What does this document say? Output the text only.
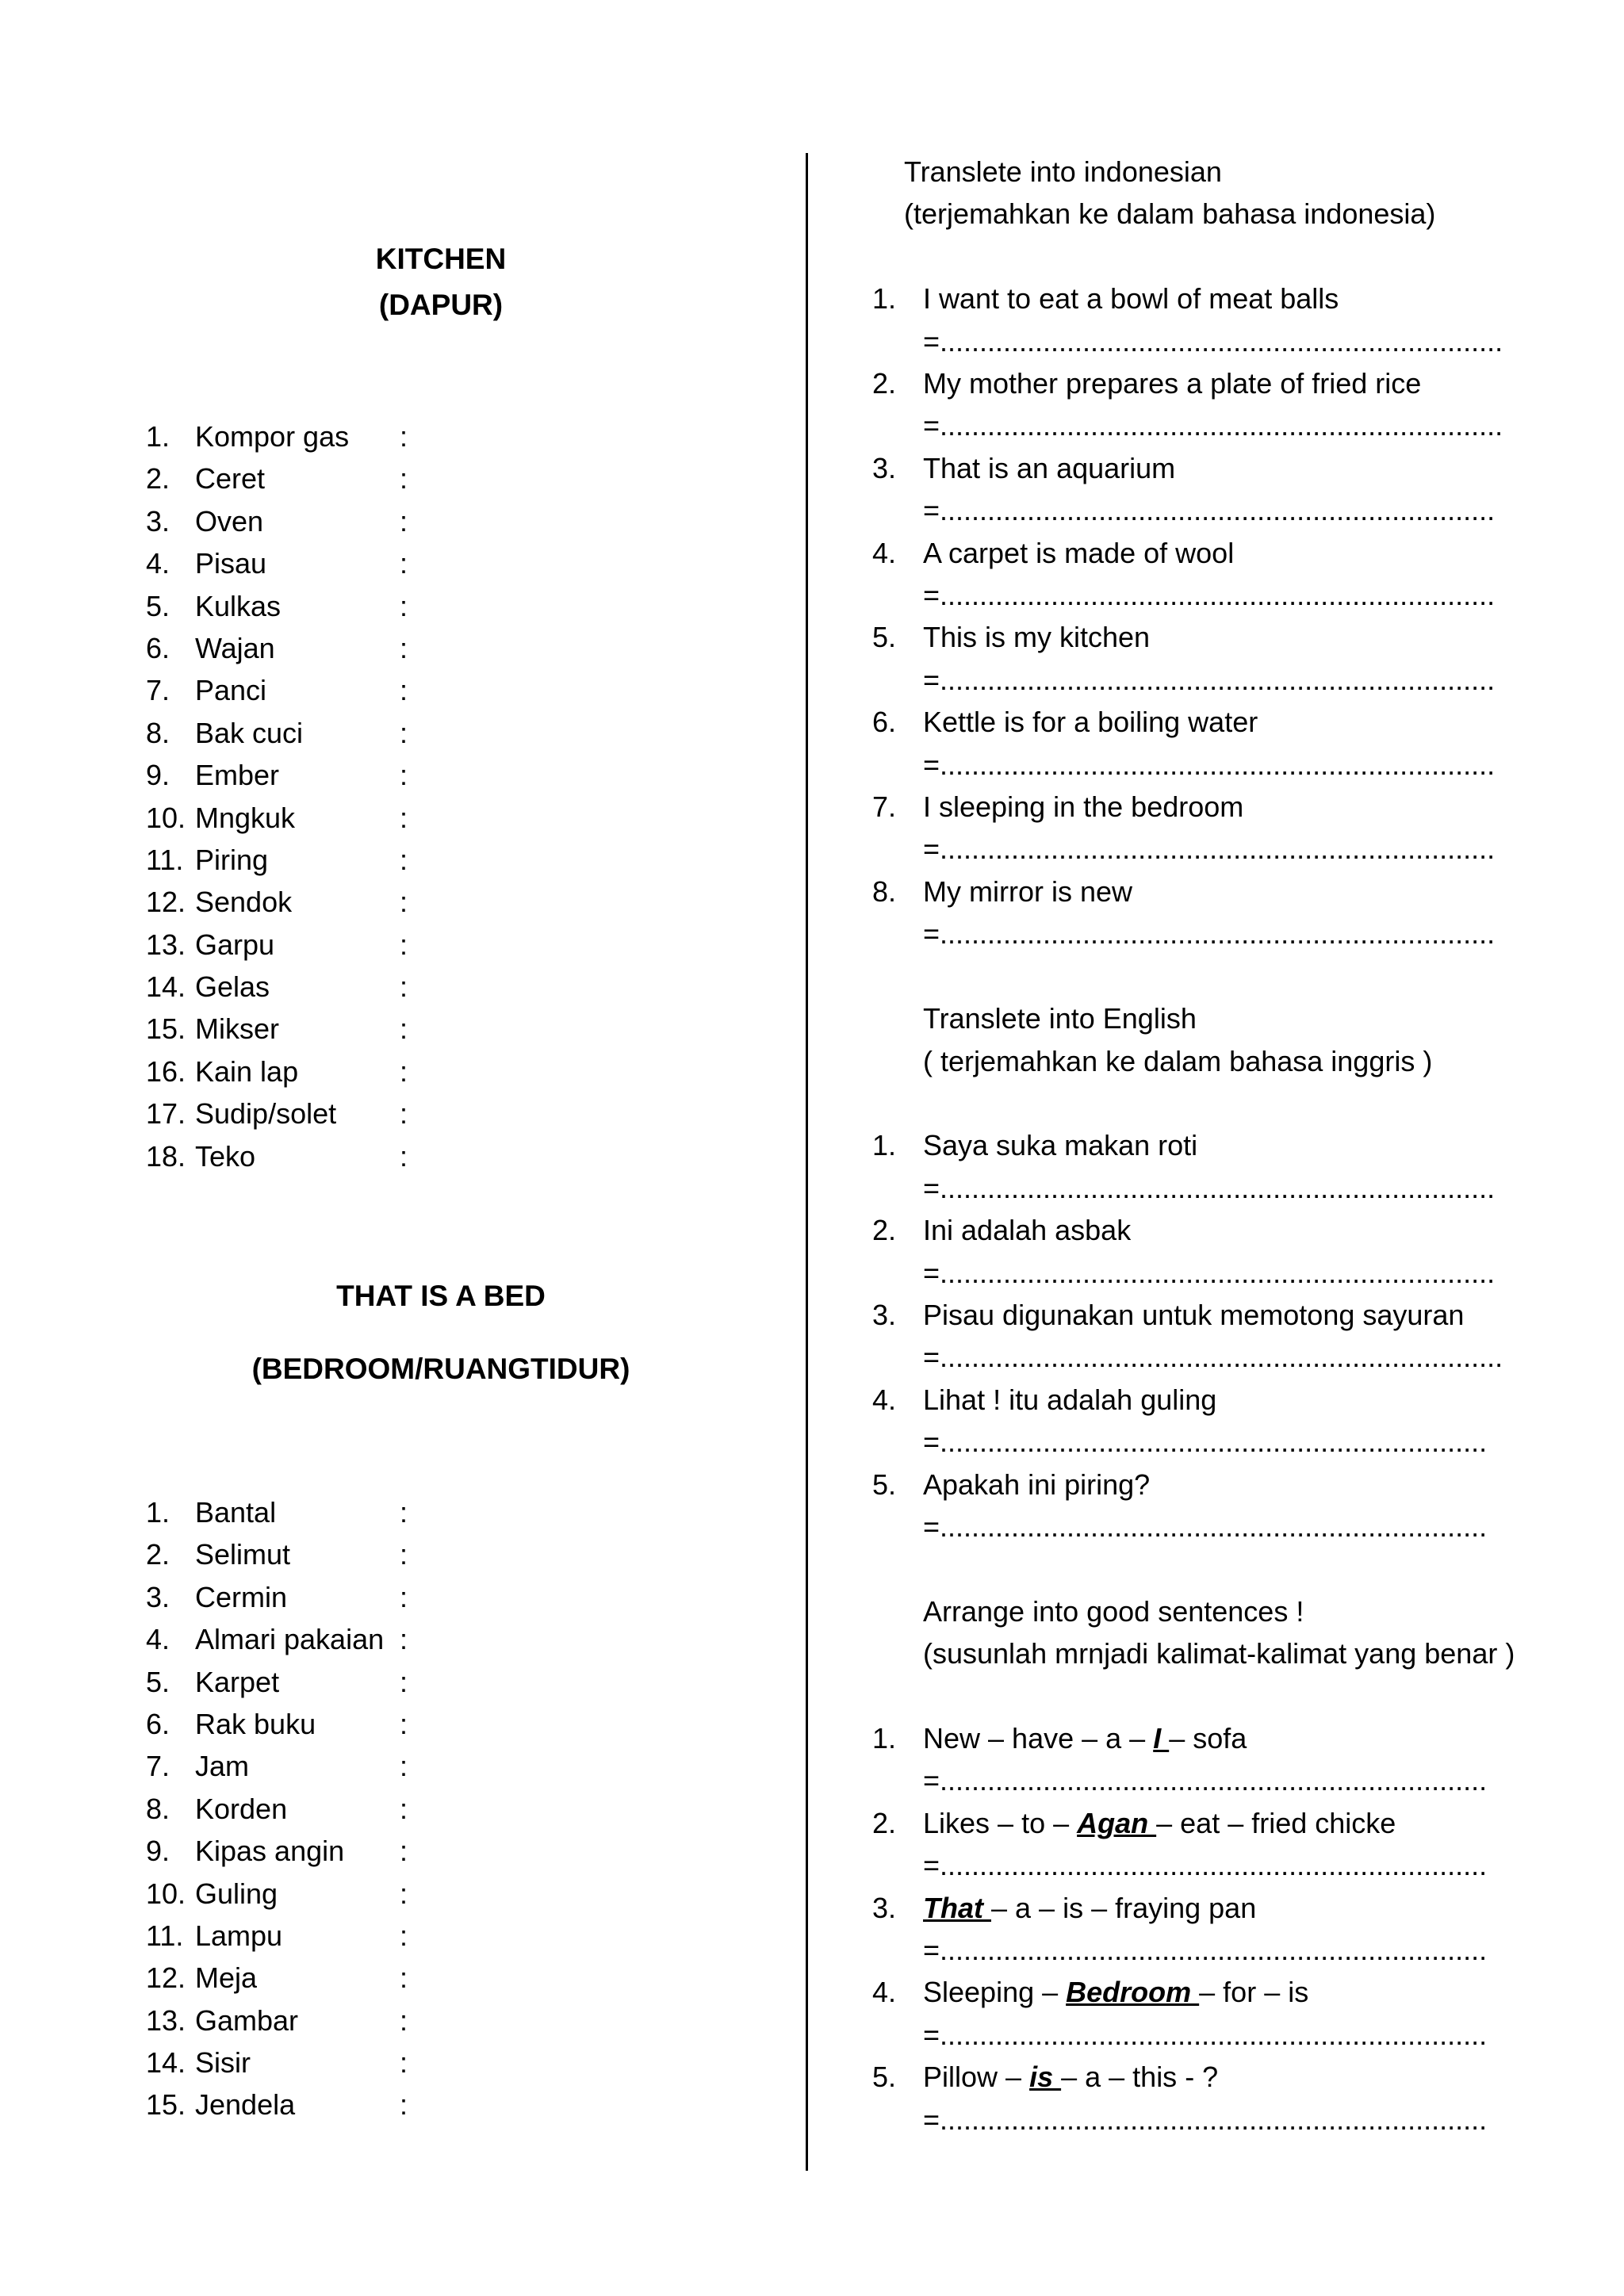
KITCHEN
(DAPUR)
1. Kompor gas :
2. Ceret	:
3. Oven	:
4. Pisau	:
5. Kulkas	:
6. Wajan	:
7. Panci	:
8. Bak cuci	:
9. Ember	:
10. Mngkuk	:
11. Piring	:
12. Sendok	:
13. Garpu	:
14. Gelas	:
15. Mikser	:
16. Kain lap	:
17. Sudip/solet :
18. Teko	:
THAT IS A BED
(BEDROOM/RUANGTIDUR)
1. Bantal	:
2. Selimut	:
3. Cermin	:
4. Almari pakaian :
5. Karpet	:
6. Rak buku	:
7. Jam	:
8. Korden	:
9. Kipas angin :
10. Guling	:
11. Lampu	:
12. Meja	:
13. Gambar	:
14. Sisir	:
15. Jendela	:
Translete into indonesian
(terjemahkan ke dalam bahasa indonesia)
1. I want to eat a bowl of meat balls
=.......................................................................
2. My mother prepares a plate of fried rice
=.......................................................................
3. That is an aquarium
=......................................................................
4. A carpet is made of wool
=......................................................................
5. This is my kitchen
=......................................................................
6. Kettle is for a boiling water
=......................................................................
7. I sleeping in the bedroom
=......................................................................
8. My mirror is new
=......................................................................
Translete into English
( terjemahkan ke dalam bahasa inggris )
1. Saya suka makan roti
=......................................................................
2. Ini adalah asbak
=......................................................................
3. Pisau digunakan untuk memotong sayuran
=.......................................................................
4. Lihat ! itu adalah guling
=.....................................................................
5. Apakah ini piring?
=.....................................................................
Arrange into good sentences !
(susunlah mrnjadi kalimat-kalimat yang benar )
1. New – have – a – I – sofa
=.....................................................................
2. Likes – to – Agan – eat – fried chicke
=.....................................................................
3. That – a – is – fraying pan
=.....................................................................
4. Sleeping – Bedroom – for – is
=.....................................................................
5. Pillow – is – a – this - ?
=.....................................................................
